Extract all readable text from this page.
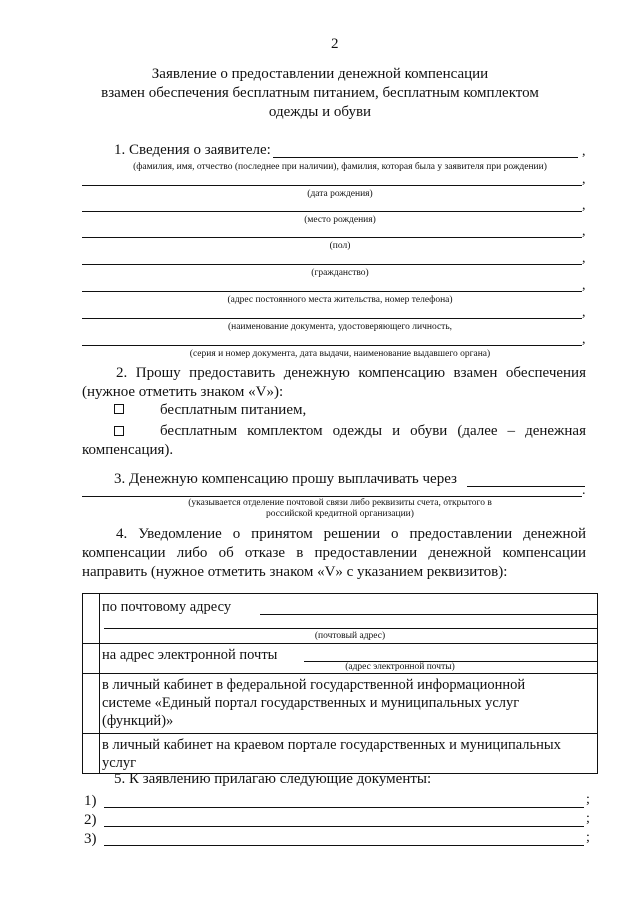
2
Заявление о предоставлении денежной компенсации
взамен обеспечения бесплатным питанием, бесплатным комплектом
одежды и обуви
1. Сведения о заявителе:	,
(фамилия, имя, отчество (последнее при наличии), фамилия, которая была у заявителя при рождении)
,
(дата рождения)
,
(место рождения)
,
(пол)
,
(гражданство)
,
(адрес постоянного места жительства, номер телефона)
,
(наименование документа, удостоверяющего личность,
,
(серия и номер документа, дата выдачи, наименование выдавшего органа)
2. Прошу предоставить денежную компенсацию взамен обеспечения (нужное отметить знаком «V»):
бесплатным питанием,
бесплатным комплектом одежды и обуви (далее – денежная компенсация).
3. Денежную компенсацию прошу выплачивать через
.
(указывается отделение почтовой связи либо реквизиты счета, открытого в российской кредитной организации)
4. Уведомление о принятом решении о предоставлении денежной компенсации либо об отказе в предоставлении денежной компенсации направить (нужное отметить знаком «V» с указанием реквизитов):

	по почтовому адресу
(почтовый адрес)

	на адрес электронной почты
(адрес электронной почты)

	в личный кабинет в федеральной государственной информационной системе «Единый портал государственных и муниципальных услуг (функций)»

	в личный кабинет на краевом портале государственных и муниципальных услуг
5. К заявлению прилагаю следующие документы:
1)	;
2)	;
3)	;
